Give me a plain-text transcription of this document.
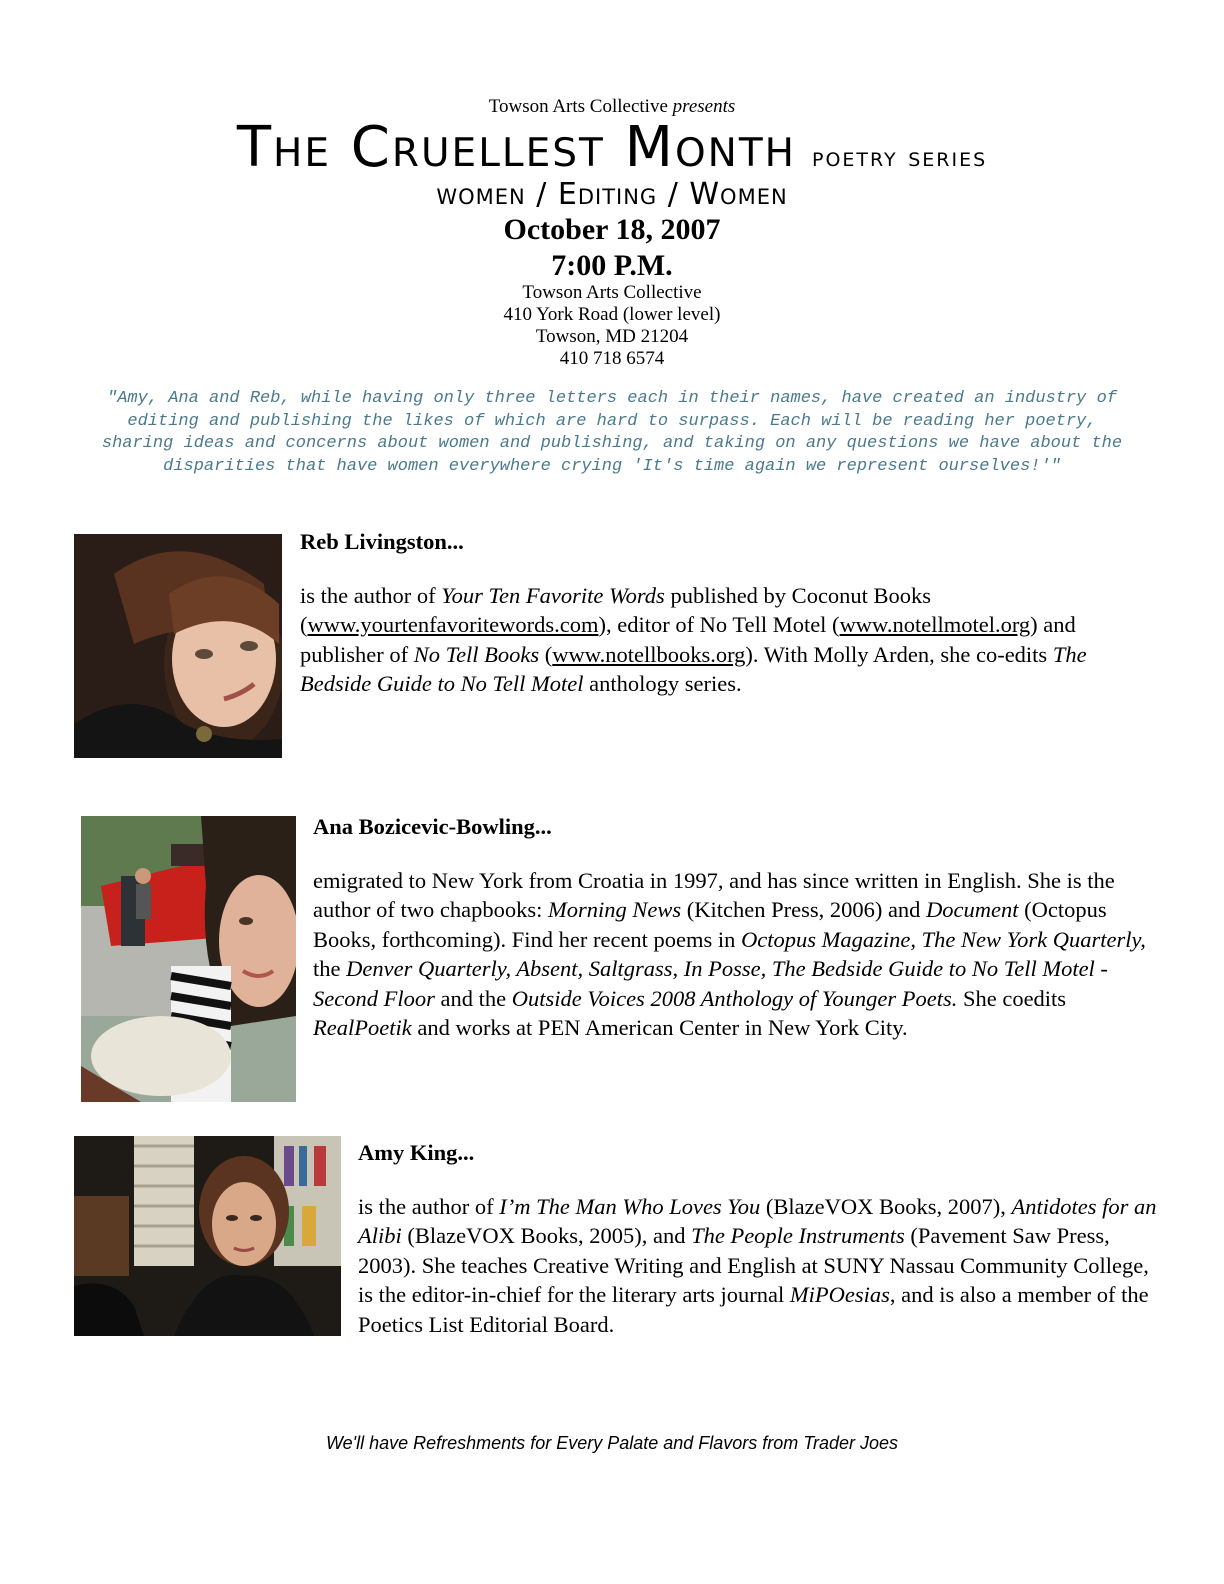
Towson Arts Collective presents
The Cruellest Month poetry series
women / Editing / Women
October 18, 2007
7:00 P.M.
Towson Arts Collective
410 York Road (lower level)
Towson, MD 21204
410 718 6574
"Amy, Ana and Reb, while having only three letters each in their names, have created an industry of editing and publishing the likes of which are hard to surpass. Each will be reading her poetry, sharing ideas and concerns about women and publishing, and taking on any questions we have about the disparities that have women everywhere crying 'It's time again we represent ourselves!'"
Reb Livingston...
is the author of Your Ten Favorite Words published by Coconut Books (www.yourtenfavoritewords.com), editor of No Tell Motel (www.notellmotel.org) and publisher of No Tell Books (www.notellbooks.org). With Molly Arden, she co-edits The Bedside Guide to No Tell Motel anthology series.
Ana Bozicevic-Bowling...
emigrated to New York from Croatia in 1997, and has since written in English. She is the author of two chapbooks: Morning News (Kitchen Press, 2006) and Document (Octopus Books, forthcoming). Find her recent poems in Octopus Magazine, The New York Quarterly, the Denver Quarterly, Absent, Saltgrass, In Posse, The Bedside Guide to No Tell Motel - Second Floor and the Outside Voices 2008 Anthology of Younger Poets. She coedits RealPoetik and works at PEN American Center in New York City.
Amy King...
is the author of I’m The Man Who Loves You (BlazeVOX Books, 2007), Antidotes for an Alibi (BlazeVOX Books, 2005), and The People Instruments (Pavement Saw Press, 2003). She teaches Creative Writing and English at SUNY Nassau Community College, is the editor-in-chief for the literary arts journal MiPOesias, and is also a member of the Poetics List Editorial Board.
We'll have Refreshments for Every Palate and Flavors from Trader Joes
